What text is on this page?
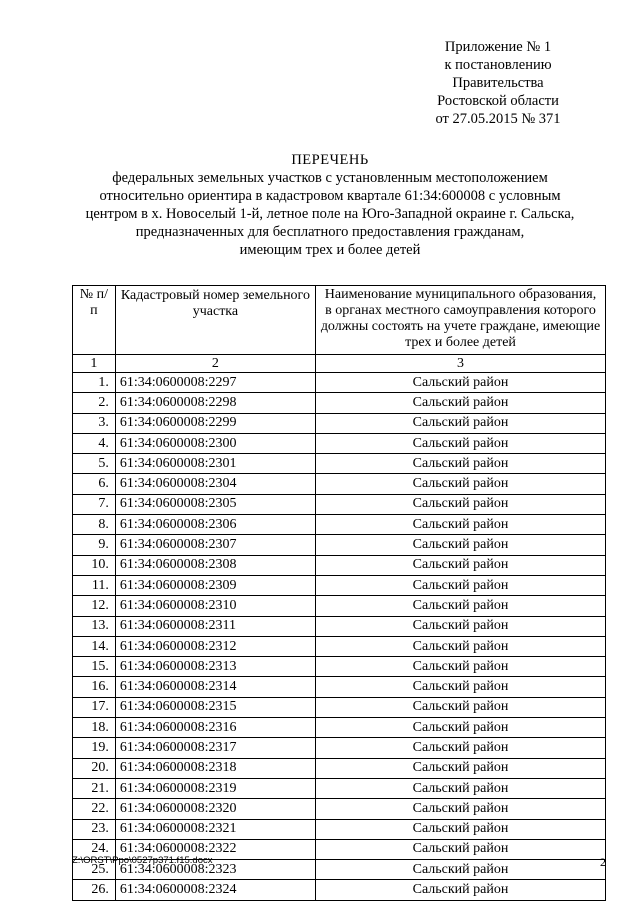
Приложение № 1
к постановлению
Правительства
Ростовской области
от 27.05.2015 № 371
ПЕРЕЧЕНЬ
федеральных земельных участков с установленным местоположением
относительно ориентира в кадастровом квартале 61:34:600008 с условным
центром в х. Новоселый 1-й, летное поле на Юго-Западной окраине г. Сальска,
предназначенных для бесплатного предоставления гражданам,
имеющим трех и более детей
№ п/п	Кадастровый номер земельного участка	Наименование муниципального образования, в органах местного самоуправления которого должны состоять на учете граждане, имеющие трех и более детей
1	2	3
1.	61:34:0600008:2297	Сальский район
2.	61:34:0600008:2298	Сальский район
3.	61:34:0600008:2299	Сальский район
4.	61:34:0600008:2300	Сальский район
5.	61:34:0600008:2301	Сальский район
6.	61:34:0600008:2304	Сальский район
7.	61:34:0600008:2305	Сальский район
8.	61:34:0600008:2306	Сальский район
9.	61:34:0600008:2307	Сальский район
10.	61:34:0600008:2308	Сальский район
11.	61:34:0600008:2309	Сальский район
12.	61:34:0600008:2310	Сальский район
13.	61:34:0600008:2311	Сальский район
14.	61:34:0600008:2312	Сальский район
15.	61:34:0600008:2313	Сальский район
16.	61:34:0600008:2314	Сальский район
17.	61:34:0600008:2315	Сальский район
18.	61:34:0600008:2316	Сальский район
19.	61:34:0600008:2317	Сальский район
20.	61:34:0600008:2318	Сальский район
21.	61:34:0600008:2319	Сальский район
22.	61:34:0600008:2320	Сальский район
23.	61:34:0600008:2321	Сальский район
24.	61:34:0600008:2322	Сальский район
25.	61:34:0600008:2323	Сальский район
26.	61:34:0600008:2324	Сальский район
Z:\ORST\Ppo\0527p371.f15.docx	2
